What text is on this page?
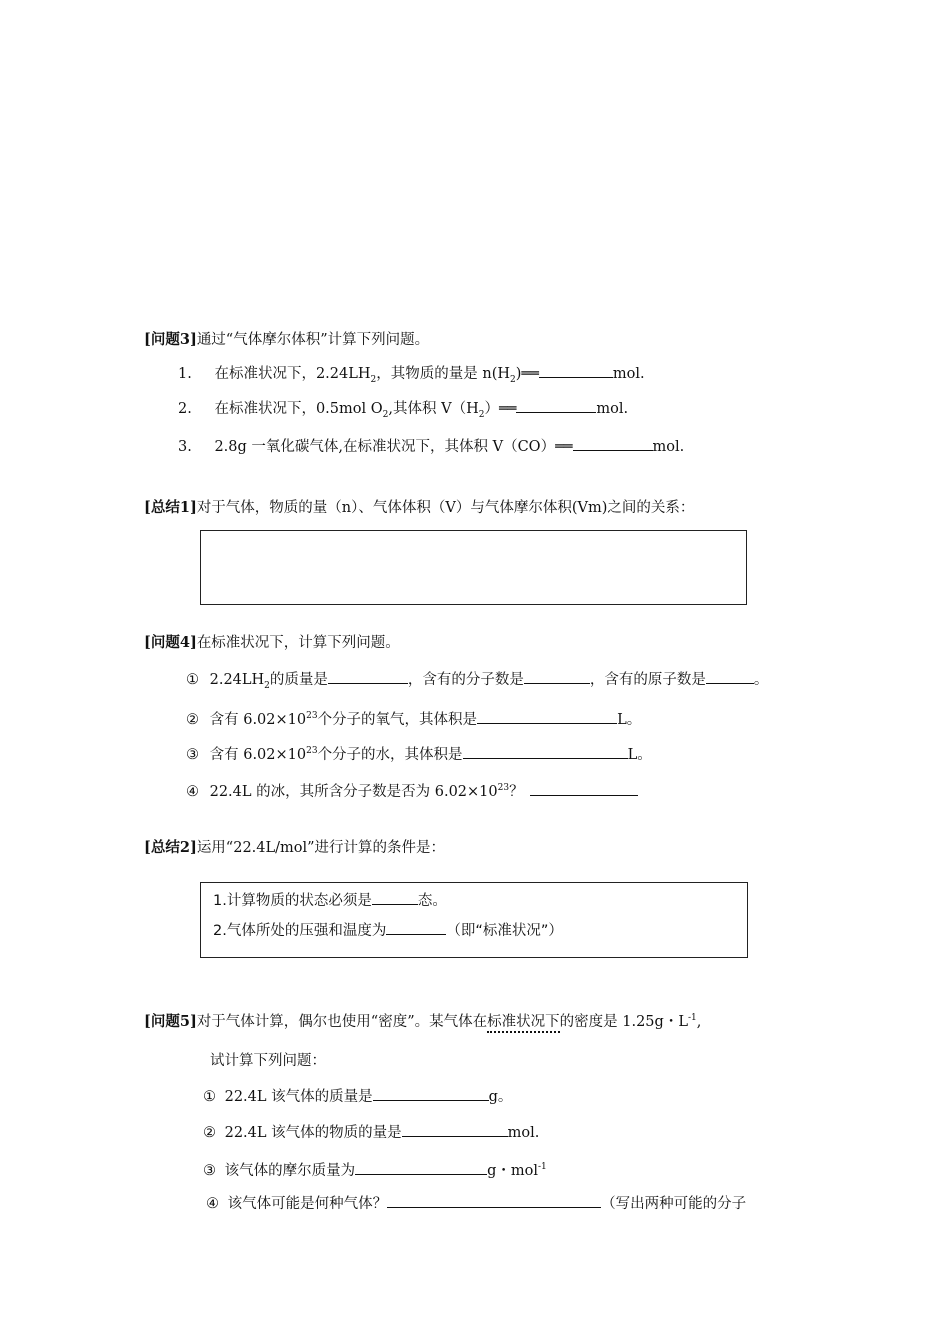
[问题3]通过“气体摩尔体积”计算下列问题。
1. 在标准状况下，$2.24LH_2$，其物质的量是 $n(H_2)══$	mol.
2. 在标准状况下，0.5mol $O_2$,其体积 $V(H_2)══$	mol.
3. 2.8g 一氧化碳气体,在标准状况下，其体积 V（CO）══	mol.
[总结1]对于气体，物质的量（n）、气体体积（V）与气体摩尔体积(Vm)之间的关系：
[问题4]在标准状况下，计算下列问题。
① $2.24LH_2$的质量是	，含有的分子数是	，含有的原子数是	。
② 含有 $6.02\times 10^{23}$个分子的氧气，其体积是	L。
③ 含有 $6.02\times 10^{23}$个分子的水，其体积是	L。
④ 22.4L 的冰，其所含分子数是否为 $6.02\times 10^{23}$？
[总结2]运用“22.4L/mol”进行计算的条件是：
1.计算物质的状态必须是	态。
2.气体所处的压强和温度为	（即“标准状况”）
[问题5]对于气体计算，偶尔也使用“密度”。某气体在标准状况下的密度是 1.25g・$L^{-1}$,
试计算下列问题：
① 22.4L 该气体的质量是	g。
② 22.4L 该气体的物质的量是	mol.
③ 该气体的摩尔质量为	g・mol$^{-1}$
④ 该气体可能是何种气体？	（写出两种可能的分子
